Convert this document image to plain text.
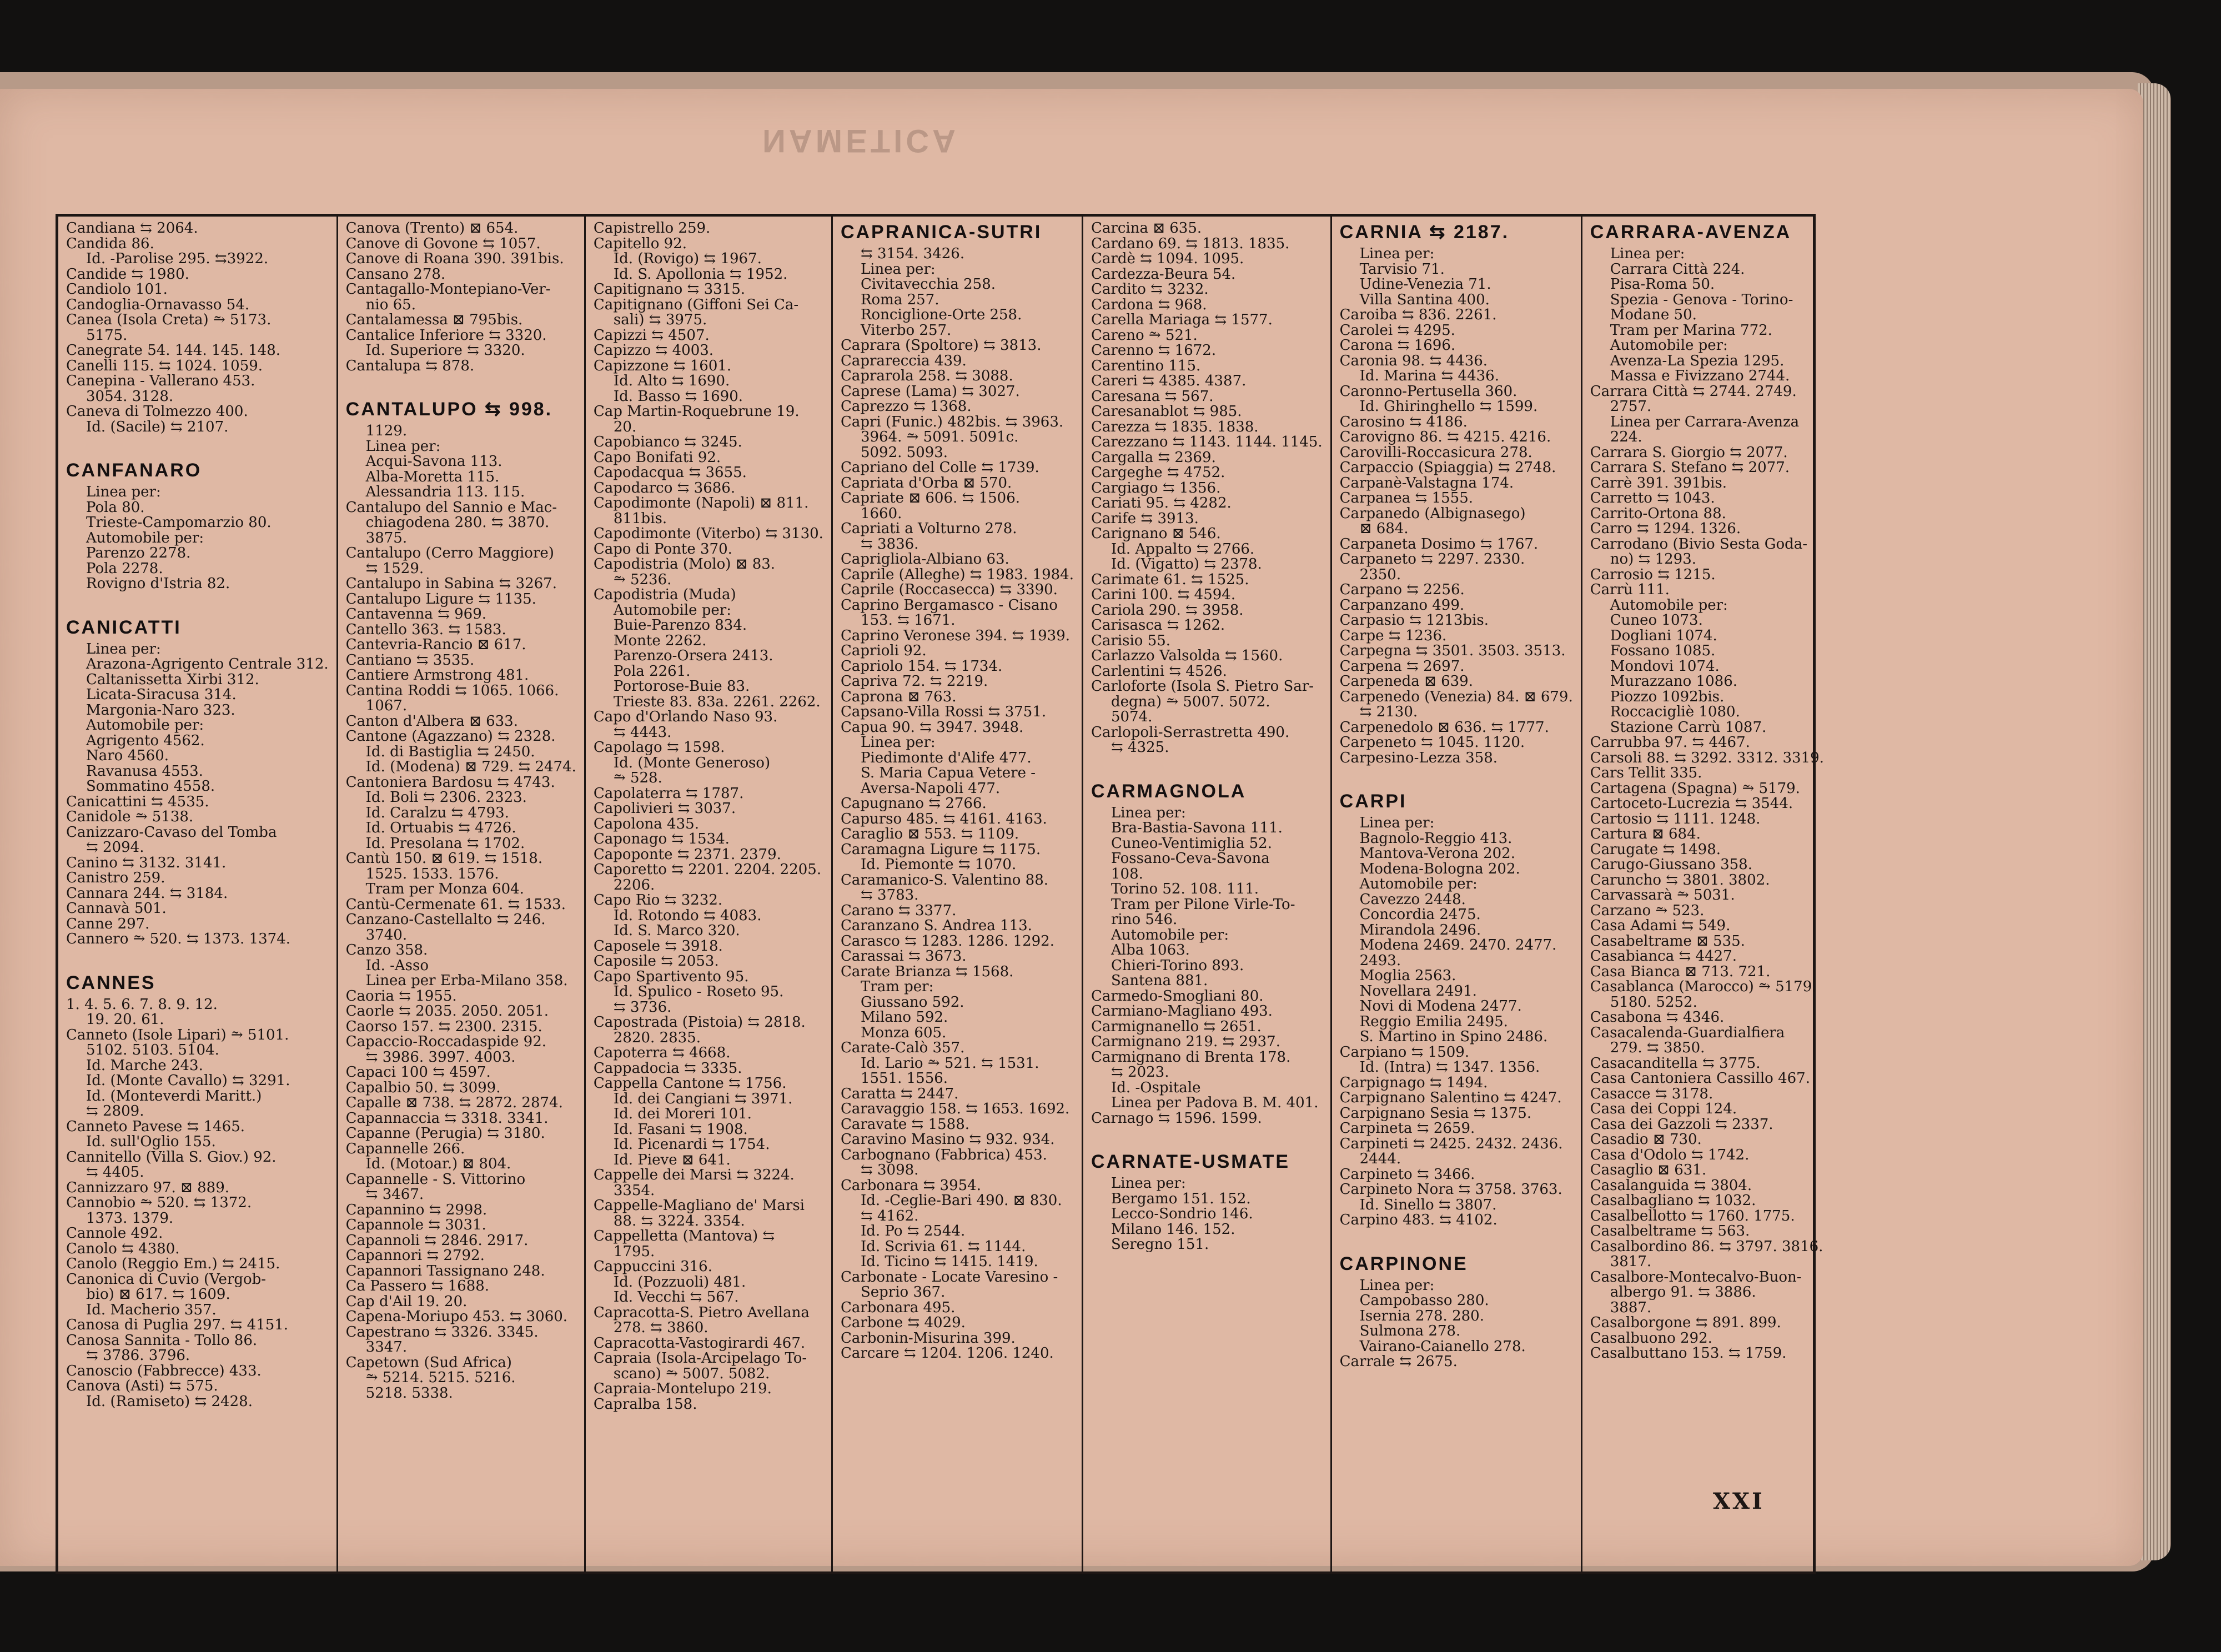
NAMETICA
Candiana ⇆ 2064.
Candida 86.
Id. -Parolise 295. ⇆3922.
Candide ⇆ 1980.
Candiolo 101.
Candoglia-Ornavasso 54.
Canea (Isola Creta) ⥲ 5173.
5175.
Canegrate 54. 144. 145. 148.
Canelli 115. ⇆ 1024. 1059.
Canepina - Vallerano 453.
3054. 3128.
Caneva di Tolmezzo 400.
Id. (Sacile) ⇆ 2107.
CANFANARO
Linea per:
Pola 80.
Trieste-Campomarzio 80.
Automobile per:
Parenzo 2278.
Pola 2278.
Rovigno d'Istria 82.
CANICATTI
Linea per:
Arazona-Agrigento Centrale 312.
Caltanissetta Xirbi 312.
Licata-Siracusa 314.
Margonia-Naro 323.
Automobile per:
Agrigento 4562.
Naro 4560.
Ravanusa 4553.
Sommatino 4558.
Canicattini ⇆ 4535.
Canidole ⥲ 5138.
Canizzaro-Cavaso del Tomba
⇆ 2094.
Canino ⇆ 3132. 3141.
Canistro 259.
Cannara 244. ⇆ 3184.
Cannavà 501.
Canne 297.
Cannero ⥲ 520. ⇆ 1373. 1374.
CANNES
1. 4. 5. 6. 7. 8. 9. 12.
19. 20. 61.
Canneto (Isole Lipari) ⥲ 5101.
5102. 5103. 5104.
Id. Marche 243.
Id. (Monte Cavallo) ⇆ 3291.
Id. (Monteverdi Maritt.)
⇆ 2809.
Canneto Pavese ⇆ 1465.
Id. sull'Oglio 155.
Cannitello (Villa S. Giov.) 92.
⇆ 4405.
Cannizzaro 97. ⊠ 889.
Cannobio ⥲ 520. ⇆ 1372.
1373. 1379.
Cannole 492.
Canolo ⇆ 4380.
Canolo (Reggio Em.) ⇆ 2415.
Canonica di Cuvio (Vergob-
bio) ⊠ 617. ⇆ 1609.
Id. Macherio 357.
Canosa di Puglia 297. ⇆ 4151.
Canosa Sannita - Tollo 86.
⇆ 3786. 3796.
Canoscio (Fabbrecce) 433.
Canova (Asti) ⇆ 575.
Id. (Ramiseto) ⇆ 2428.
Canova (Trento) ⊠ 654.
Canove di Govone ⇆ 1057.
Canove di Roana 390. 391bis.
Cansano 278.
Cantagallo-Montepiano-Ver-
nio 65.
Cantalamessa ⊠ 795bis.
Cantalice Inferiore ⇆ 3320.
Id. Superiore ⇆ 3320.
Cantalupa ⇆ 878.
CANTALUPO ⇆ 998.
1129.
Linea per:
Acqui-Savona 113.
Alba-Moretta 115.
Alessandria 113. 115.
Cantalupo del Sannio e Mac-
chiagodena 280. ⇆ 3870.
3875.
Cantalupo (Cerro Maggiore)
⇆ 1529.
Cantalupo in Sabina ⇆ 3267.
Cantalupo Ligure ⇆ 1135.
Cantavenna ⇆ 969.
Cantello 363. ⇆ 1583.
Cantevria-Rancio ⊠ 617.
Cantiano ⇆ 3535.
Cantiere Armstrong 481.
Cantina Roddi ⇆ 1065. 1066.
1067.
Canton d'Albera ⊠ 633.
Cantone (Agazzano) ⇆ 2328.
Id. di Bastiglia ⇆ 2450.
Id. (Modena) ⊠ 729. ⇆ 2474.
Cantoniera Bardosu ⇆ 4743.
Id. Boli ⇆ 2306. 2323.
Id. Caralzu ⇆ 4793.
Id. Ortuabis ⇆ 4726.
Id. Presolana ⇆ 1702.
Cantù 150. ⊠ 619. ⇆ 1518.
1525. 1533. 1576.
Tram per Monza 604.
Cantù-Cermenate 61. ⇆ 1533.
Canzano-Castellalto ⇆ 246.
3740.
Canzo 358.
Id. -Asso
Linea per Erba-Milano 358.
Caoria ⇆ 1955.
Caorle ⇆ 2035. 2050. 2051.
Caorso 157. ⇆ 2300. 2315.
Capaccio-Roccadaspide 92.
⇆ 3986. 3997. 4003.
Capaci 100 ⇆ 4597.
Capalbio 50. ⇆ 3099.
Capalle ⊠ 738. ⇆ 2872. 2874.
Capannaccia ⇆ 3318. 3341.
Capanne (Perugia) ⇆ 3180.
Capannelle 266.
Id. (Motoar.) ⊠ 804.
Capannelle - S. Vittorino
⇆ 3467.
Capannino ⇆ 2998.
Capannole ⇆ 3031.
Capannoli ⇆ 2846. 2917.
Capannori ⇆ 2792.
Capannori Tassignano 248.
Ca Passero ⇆ 1688.
Cap d'Ail 19. 20.
Capena-Moriupo 453. ⇆ 3060.
Capestrano ⇆ 3326. 3345.
3347.
Capetown (Sud Africa)
⥲ 5214. 5215. 5216.
5218. 5338.
Capistrello 259.
Capitello 92.
Id. (Rovigo) ⇆ 1967.
Id. S. Apollonia ⇆ 1952.
Capitignano ⇆ 3315.
Capitignano (Giffoni Sei Ca-
sali) ⇆ 3975.
Capizzi ⇆ 4507.
Capizzo ⇆ 4003.
Capizzone ⇆ 1601.
Id. Alto ⇆ 1690.
Id. Basso ⇆ 1690.
Cap Martin-Roquebrune 19.
20.
Capobianco ⇆ 3245.
Capo Bonifati 92.
Capodacqua ⇆ 3655.
Capodarco ⇆ 3686.
Capodimonte (Napoli) ⊠ 811.
811bis.
Capodimonte (Viterbo) ⇆ 3130.
Capo di Ponte 370.
Capodistria (Molo) ⊠ 83.
⥲ 5236.
Capodistria (Muda)
Automobile per:
Buie-Parenzo 834.
Monte 2262.
Parenzo-Orsera 2413.
Pola 2261.
Portorose-Buie 83.
Trieste 83. 83a. 2261. 2262.
Capo d'Orlando Naso 93.
⇆ 4443.
Capolago ⇆ 1598.
Id. (Monte Generoso)
⥲ 528.
Capolaterra ⇆ 1787.
Capolivieri ⇆ 3037.
Capolona 435.
Caponago ⇆ 1534.
Capoponte ⇆ 2371. 2379.
Caporetto ⇆ 2201. 2204. 2205.
2206.
Capo Rio ⇆ 3232.
Id. Rotondo ⇆ 4083.
Id. S. Marco 320.
Caposele ⇆ 3918.
Caposile ⇆ 2053.
Capo Spartivento 95.
Id. Spulico - Roseto 95.
⇆ 3736.
Capostrada (Pistoia) ⇆ 2818.
2820. 2835.
Capoterra ⇆ 4668.
Cappadocia ⇆ 3335.
Cappella Cantone ⇆ 1756.
Id. dei Cangiani ⇆ 3971.
Id. dei Moreri 101.
Id. Fasani ⇆ 1908.
Id. Picenardi ⇆ 1754.
Id. Pieve ⊠ 641.
Cappelle dei Marsi ⇆ 3224.
3354.
Cappelle-Magliano de' Marsi
88. ⇆ 3224. 3354.
Cappelletta (Mantova) ⇆
1795.
Cappuccini 316.
Id. (Pozzuoli) 481.
Id. Vecchi ⇆ 567.
Capracotta-S. Pietro Avellana
278. ⇆ 3860.
Capracotta-Vastogirardi 467.
Capraia (Isola-Arcipelago To-
scano) ⥲ 5007. 5082.
Capraia-Montelupo 219.
Capralba 158.
CAPRANICA-SUTRI
⇆ 3154. 3426.
Linea per:
Civitavecchia 258.
Roma 257.
Ronciglione-Orte 258.
Viterbo 257.
Caprara (Spoltore) ⇆ 3813.
Caprareccia 439.
Caprarola 258. ⇆ 3088.
Caprese (Lama) ⇆ 3027.
Caprezzo ⇆ 1368.
Capri (Funic.) 482bis. ⇆ 3963.
3964. ⥲ 5091. 5091c.
5092. 5093.
Capriano del Colle ⇆ 1739.
Capriata d'Orba ⊠ 570.
Capriate ⊠ 606. ⇆ 1506.
1660.
Capriati a Volturno 278.
⇆ 3836.
Caprigliola-Albiano 63.
Caprile (Alleghe) ⇆ 1983. 1984.
Caprile (Roccasecca) ⇆ 3390.
Caprino Bergamasco - Cisano
153. ⇆ 1671.
Caprino Veronese 394. ⇆ 1939.
Caprioli 92.
Capriolo 154. ⇆ 1734.
Capriva 72. ⇆ 2219.
Caprona ⊠ 763.
Capsano-Villa Rossi ⇆ 3751.
Capua 90. ⇆ 3947. 3948.
Linea per:
Piedimonte d'Alife 477.
S. Maria Capua Vetere -
Aversa-Napoli 477.
Capugnano ⇆ 2766.
Capurso 485. ⇆ 4161. 4163.
Caraglio ⊠ 553. ⇆ 1109.
Caramagna Ligure ⇆ 1175.
Id. Piemonte ⇆ 1070.
Caramanico-S. Valentino 88.
⇆ 3783.
Carano ⇆ 3377.
Caranzano S. Andrea 113.
Carasco ⇆ 1283. 1286. 1292.
Carassai ⇆ 3673.
Carate Brianza ⇆ 1568.
Tram per:
Giussano 592.
Milano 592.
Monza 605.
Carate-Calò 357.
Id. Lario ⥲ 521. ⇆ 1531.
1551. 1556.
Caratta ⇆ 2447.
Caravaggio 158. ⇆ 1653. 1692.
Caravate ⇆ 1588.
Caravino Masino ⇆ 932. 934.
Carbognano (Fabbrica) 453.
⇆ 3098.
Carbonara ⇆ 3954.
Id. -Ceglie-Bari 490. ⊠ 830.
⇆ 4162.
Id. Po ⇆ 2544.
Id. Scrivia 61. ⇆ 1144.
Id. Ticino ⇆ 1415. 1419.
Carbonate - Locate Varesino -
Seprio 367.
Carbonara 495.
Carbone ⇆ 4029.
Carbonin-Misurina 399.
Carcare ⇆ 1204. 1206. 1240.
Carcina ⊠ 635.
Cardano 69. ⇆ 1813. 1835.
Cardè ⇆ 1094. 1095.
Cardezza-Beura 54.
Cardito ⇆ 3232.
Cardona ⇆ 968.
Carella Mariaga ⇆ 1577.
Careno ⥲ 521.
Carenno ⇆ 1672.
Carentino 115.
Careri ⇆ 4385. 4387.
Caresana ⇆ 567.
Caresanablot ⇆ 985.
Carezza ⇆ 1835. 1838.
Carezzano ⇆ 1143. 1144. 1145.
Cargalla ⇆ 2369.
Cargeghe ⇆ 4752.
Cargiago ⇆ 1356.
Cariati 95. ⇆ 4282.
Carife ⇆ 3913.
Carignano ⊠ 546.
Id. Appalto ⇆ 2766.
Id. (Vigatto) ⇆ 2378.
Carimate 61. ⇆ 1525.
Carini 100. ⇆ 4594.
Cariola 290. ⇆ 3958.
Carisasca ⇆ 1262.
Carisio 55.
Carlazzo Valsolda ⇆ 1560.
Carlentini ⇆ 4526.
Carloforte (Isola S. Pietro Sar-
degna) ⥲ 5007. 5072.
5074.
Carlopoli-Serrastretta 490.
⇆ 4325.
CARMAGNOLA
Linea per:
Bra-Bastia-Savona 111.
Cuneo-Ventimiglia 52.
Fossano-Ceva-Savona
108.
Torino 52. 108. 111.
Tram per Pilone Virle-To-
rino 546.
Automobile per:
Alba 1063.
Chieri-Torino 893.
Santena 881.
Carmedo-Smogliani 80.
Carmiano-Magliano 493.
Carmignanello ⇆ 2651.
Carmignano 219. ⇆ 2937.
Carmignano di Brenta 178.
⇆ 2023.
Id. -Ospitale
Linea per Padova B. M. 401.
Carnago ⇆ 1596. 1599.
CARNATE-USMATE
Linea per:
Bergamo 151. 152.
Lecco-Sondrio 146.
Milano 146. 152.
Seregno 151.
CARNIA ⇆ 2187.
Linea per:
Tarvisio 71.
Udine-Venezia 71.
Villa Santina 400.
Caroiba ⇆ 836. 2261.
Carolei ⇆ 4295.
Carona ⇆ 1696.
Caronia 98. ⇆ 4436.
Id. Marina ⇆ 4436.
Caronno-Pertusella 360.
Id. Ghiringhello ⇆ 1599.
Carosino ⇆ 4186.
Carovigno 86. ⇆ 4215. 4216.
Carovilli-Roccasicura 278.
Carpaccio (Spiaggia) ⇆ 2748.
Carpanè-Valstagna 174.
Carpanea ⇆ 1555.
Carpanedo (Albignasego)
⊠ 684.
Carpaneta Dosimo ⇆ 1767.
Carpaneto ⇆ 2297. 2330.
2350.
Carpano ⇆ 2256.
Carpanzano 499.
Carpasio ⇆ 1213bis.
Carpe ⇆ 1236.
Carpegna ⇆ 3501. 3503. 3513.
Carpena ⇆ 2697.
Carpeneda ⊠ 639.
Carpenedo (Venezia) 84. ⊠ 679.
⇆ 2130.
Carpenedolo ⊠ 636. ⇆ 1777.
Carpeneto ⇆ 1045. 1120.
Carpesino-Lezza 358.
CARPI
Linea per:
Bagnolo-Reggio 413.
Mantova-Verona 202.
Modena-Bologna 202.
Automobile per:
Cavezzo 2448.
Concordia 2475.
Mirandola 2496.
Modena 2469. 2470. 2477.
2493.
Moglia 2563.
Novellara 2491.
Novi di Modena 2477.
Reggio Emilia 2495.
S. Martino in Spino 2486.
Carpiano ⇆ 1509.
Id. (Intra) ⇆ 1347. 1356.
Carpignago ⇆ 1494.
Carpignano Salentino ⇆ 4247.
Carpignano Sesia ⇆ 1375.
Carpineta ⇆ 2659.
Carpineti ⇆ 2425. 2432. 2436.
2444.
Carpineto ⇆ 3466.
Carpineto Nora ⇆ 3758. 3763.
Id. Sinello ⇆ 3807.
Carpino 483. ⇆ 4102.
CARPINONE
Linea per:
Campobasso 280.
Isernia 278. 280.
Sulmona 278.
Vairano-Caianello 278.
Carrale ⇆ 2675.
CARRARA-AVENZA
Linea per:
Carrara Città 224.
Pisa-Roma 50.
Spezia - Genova - Torino-
Modane 50.
Tram per Marina 772.
Automobile per:
Avenza-La Spezia 1295.
Massa e Fivizzano 2744.
Carrara Città ⇆ 2744. 2749.
2757.
Linea per Carrara-Avenza
224.
Carrara S. Giorgio ⇆ 2077.
Carrara S. Stefano ⇆ 2077.
Carrè 391. 391bis.
Carretto ⇆ 1043.
Carrito-Ortona 88.
Carro ⇆ 1294. 1326.
Carrodano (Bivio Sesta Goda-
no) ⇆ 1293.
Carrosio ⇆ 1215.
Carrù 111.
Automobile per:
Cuneo 1073.
Dogliani 1074.
Fossano 1085.
Mondovi 1074.
Murazzano 1086.
Piozzo 1092bis.
Roccacigliè 1080.
Stazione Carrù 1087.
Carrubba 97. ⇆ 4467.
Carsoli 88. ⇆ 3292. 3312. 3319.
Cars Tellit 335.
Cartagena (Spagna) ⥲ 5179.
Cartoceto-Lucrezia ⇆ 3544.
Cartosio ⇆ 1111. 1248.
Cartura ⊠ 684.
Carugate ⇆ 1498.
Carugo-Giussano 358.
Caruncho ⇆ 3801. 3802.
Carvassarà ⥲ 5031.
Carzano ⥲ 523.
Casa Adami ⇆ 549.
Casabeltrame ⊠ 535.
Casabianca ⇆ 4427.
Casa Bianca ⊠ 713. 721.
Casablanca (Marocco) ⥲ 5179.
5180. 5252.
Casabona ⇆ 4346.
Casacalenda-Guardialfiera
279. ⇆ 3850.
Casacanditella ⇆ 3775.
Casa Cantoniera Cassillo 467.
Casacce ⇆ 3178.
Casa dei Coppi 124.
Casa dei Gazzoli ⇆ 2337.
Casadio ⊠ 730.
Casa d'Odolo ⇆ 1742.
Casaglio ⊠ 631.
Casalanguida ⇆ 3804.
Casalbagliano ⇆ 1032.
Casalbellotto ⇆ 1760. 1775.
Casalbeltrame ⇆ 563.
Casalbordino 86. ⇆ 3797. 3816.
3817.
Casalbore-Montecalvo-Buon-
albergo 91. ⇆ 3886.
3887.
Casalborgone ⇆ 891. 899.
Casalbuono 292.
Casalbuttano 153. ⇆ 1759.
XXI
